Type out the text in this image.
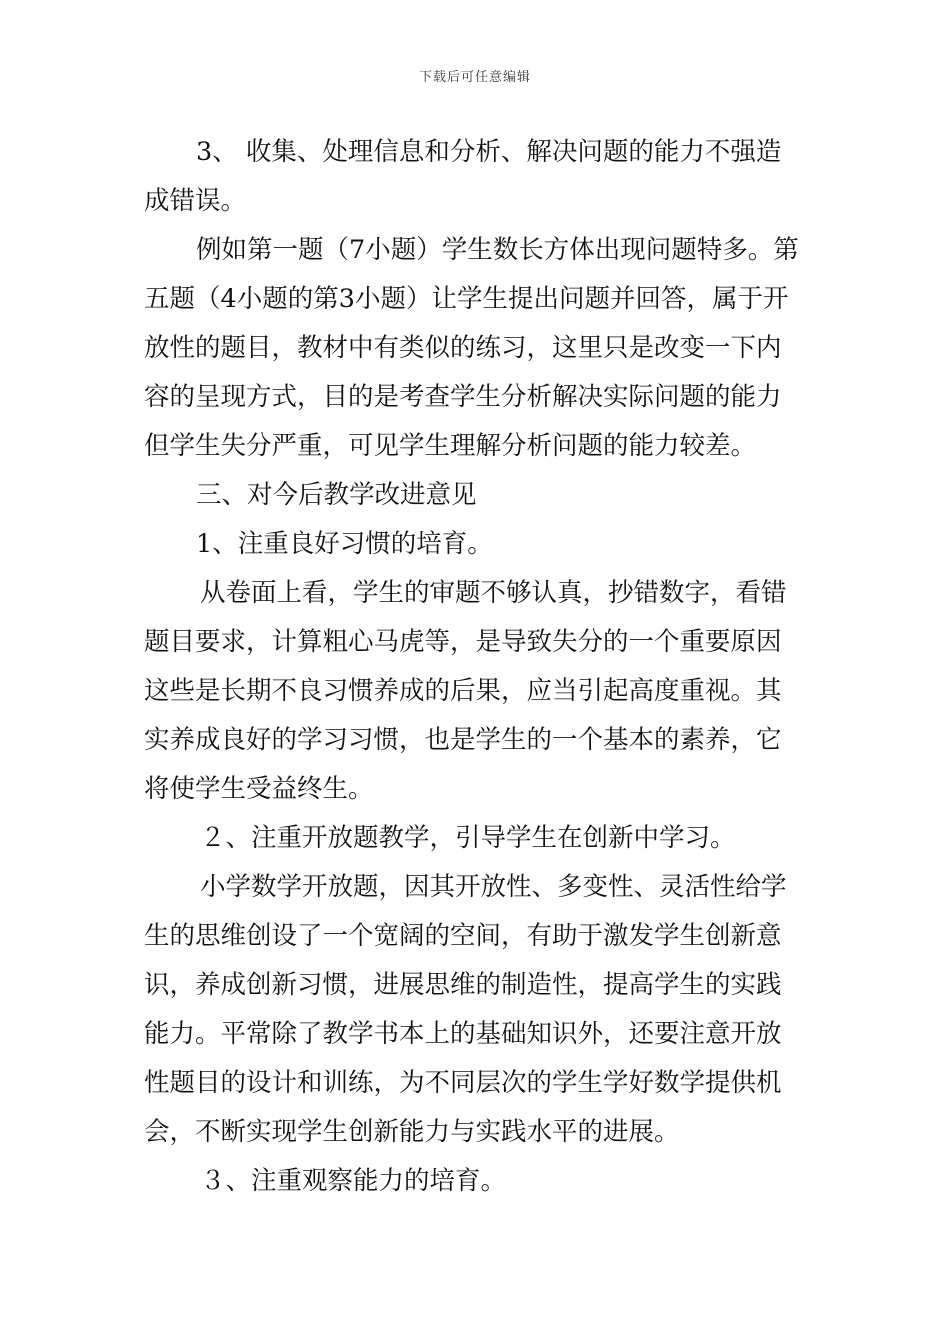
下载后可任意编辑
3、 收集、处理信息和分析、解决问题的能力不强造
成错误。
例如第一题（7小题）学生数长方体出现问题特多。第
五题（4小题的第3小题）让学生提出问题并回答，属于开
放性的题目，教材中有类似的练习，这里只是改变一下内
容的呈现方式，目的是考查学生分析解决实际问题的能力
但学生失分严重，可见学生理解分析问题的能力较差。
三、对今后教学改进意见
1、注重良好习惯的培育。
从卷面上看，学生的审题不够认真，抄错数字，看错
题目要求，计算粗心马虎等，是导致失分的一个重要原因
这些是长期不良习惯养成的后果，应当引起高度重视。其
实养成良好的学习习惯，也是学生的一个基本的素养，它
将使学生受益终生。
２、注重开放题教学，引导学生在创新中学习。
小学数学开放题，因其开放性、多变性、灵活性给学
生的思维创设了一个宽阔的空间，有助于激发学生创新意
识，养成创新习惯，进展思维的制造性，提高学生的实践
能力。平常除了教学书本上的基础知识外，还要注意开放
性题目的设计和训练，为不同层次的学生学好数学提供机
会，不断实现学生创新能力与实践水平的进展。
３、注重观察能力的培育。
